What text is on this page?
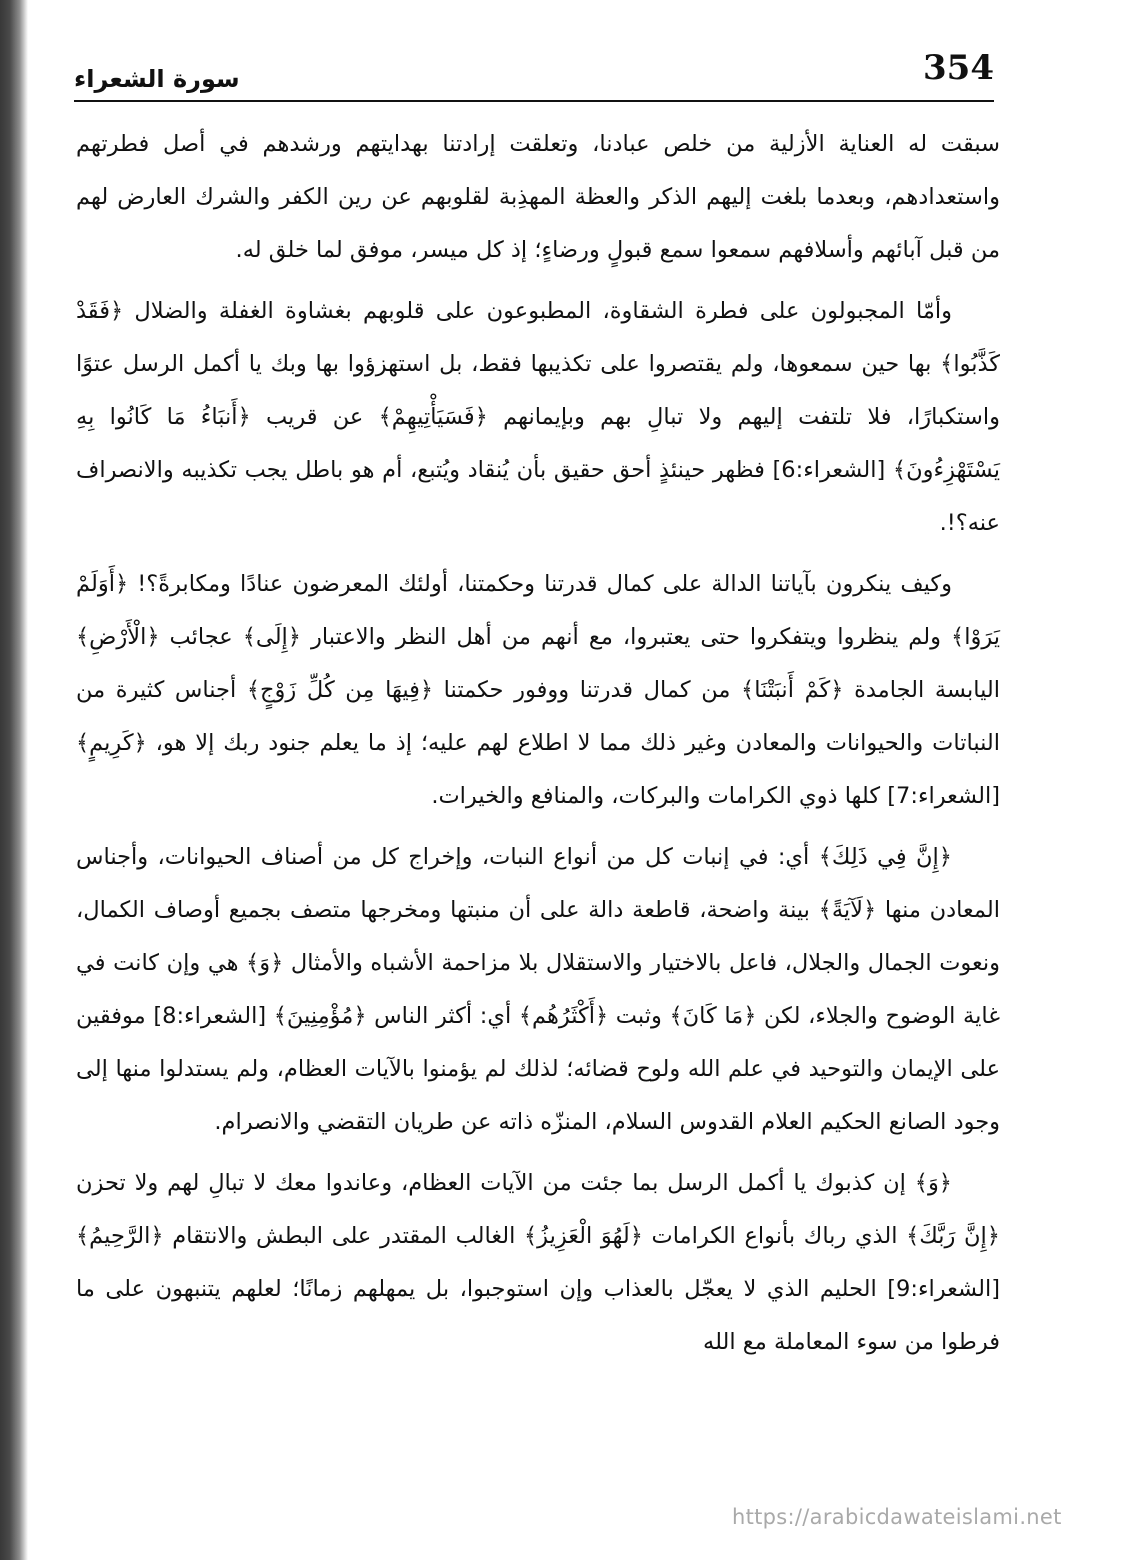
354
سورة الشعراء

سبقت له العناية الأزلية من خلص عبادنا، وتعلقت إرادتنا بهدايتهم ورشدهم في أصل فطرتهم واستعدادهم، وبعدما بلغت إليهم الذكر والعظة المهذِبة لقلوبهم عن رين الكفر والشرك العارض لهم من قبل آبائهم وأسلافهم سمعوا سمع قبولٍ ورضاءٍ؛ إذ كل ميسر، موفق لما خلق له.

وأمّا المجبولون على فطرة الشقاوة، المطبوعون على قلوبهم بغشاوة الغفلة والضلال ﴿فَقَدْ كَذَّبُوا﴾ بها حين سمعوها، ولم يقتصروا على تكذيبها فقط، بل استهزؤوا بها وبك يا أكمل الرسل عتوًا واستكبارًا، فلا تلتفت إليهم ولا تبالِ بهم وبإيمانهم ﴿فَسَيَأْتِيهِمْ﴾ عن قريب ﴿أَنبَاءُ مَا كَانُوا بِهِ يَسْتَهْزِءُونَ﴾ [الشعراء:6] فظهر حينئذٍ أحق حقيق بأن يُنقاد ويُتبع، أم هو باطل يجب تكذيبه والانصراف عنه؟!.

وكيف ينكرون بآياتنا الدالة على كمال قدرتنا وحكمتنا، أولئك المعرضون عنادًا ومكابرةً؟! ﴿أَوَلَمْ يَرَوْا﴾ ولم ينظروا ويتفكروا حتى يعتبروا، مع أنهم من أهل النظر والاعتبار ﴿إِلَى﴾ عجائب ﴿الْأَرْضِ﴾ اليابسة الجامدة ﴿كَمْ أَنبَتْنَا﴾ من كمال قدرتنا ووفور حكمتنا ﴿فِيهَا مِن كُلِّ زَوْجٍ﴾ أجناس كثيرة من النباتات والحيوانات والمعادن وغير ذلك مما لا اطلاع لهم عليه؛ إذ ما يعلم جنود ربك إلا هو، ﴿كَرِيمٍ﴾ [الشعراء:7] كلها ذوي الكرامات والبركات، والمنافع والخيرات.

﴿إِنَّ فِي ذَلِكَ﴾ أي: في إنبات كل من أنواع النبات، وإخراج كل من أصناف الحيوانات، وأجناس المعادن منها ﴿لَآيَةً﴾ بينة واضحة، قاطعة دالة على أن منبتها ومخرجها متصف بجميع أوصاف الكمال، ونعوت الجمال والجلال، فاعل بالاختيار والاستقلال بلا مزاحمة الأشباه والأمثال ﴿وَ﴾ هي وإن كانت في غاية الوضوح والجلاء، لكن ﴿مَا كَانَ﴾ وثبت ﴿أَكْثَرُهُم﴾ أي: أكثر الناس ﴿مُؤْمِنِينَ﴾ [الشعراء:8] موفقين على الإيمان والتوحيد في علم الله ولوح قضائه؛ لذلك لم يؤمنوا بالآيات العظام، ولم يستدلوا منها إلى وجود الصانع الحكيم العلام القدوس السلام، المنزّه ذاته عن طريان التقضي والانصرام.

﴿وَ﴾ إن كذبوك يا أكمل الرسل بما جئت من الآيات العظام، وعاندوا معك لا تبالِ لهم ولا تحزن ﴿إِنَّ رَبَّكَ﴾ الذي رباك بأنواع الكرامات ﴿لَهُوَ الْعَزِيزُ﴾ الغالب المقتدر على البطش والانتقام ﴿الرَّحِيمُ﴾ [الشعراء:9] الحليم الذي لا يعجّل بالعذاب وإن استوجبوا، بل يمهلهم زمانًا؛ لعلهم يتنبهون على ما فرطوا من سوء المعاملة مع الله

https://arabicdawateislami.net
